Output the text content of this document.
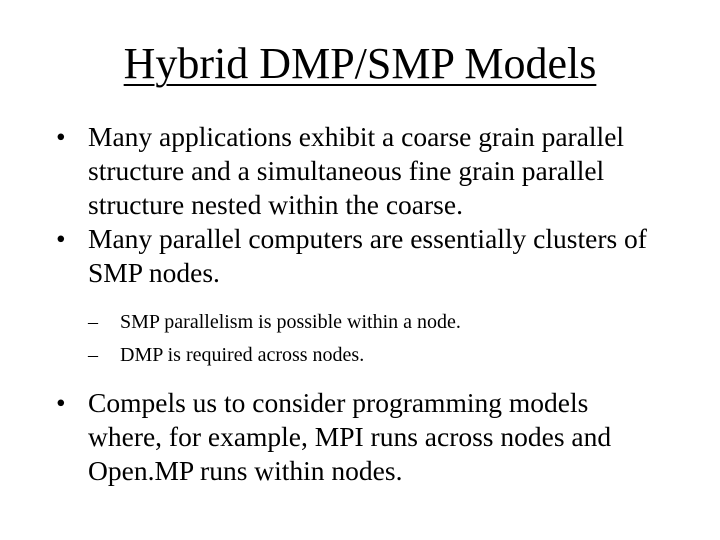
Hybrid DMP/SMP Models
• Many applications exhibit a coarse grain parallel
structure and a simultaneous fine grain parallel
structure nested within the coarse.
• Many parallel computers are essentially clusters of
SMP nodes.
– SMP parallelism is possible within a node.
– DMP is required across nodes.
• Compels us to consider programming models
where, for example, MPI runs across nodes and
Open.MP runs within nodes.
